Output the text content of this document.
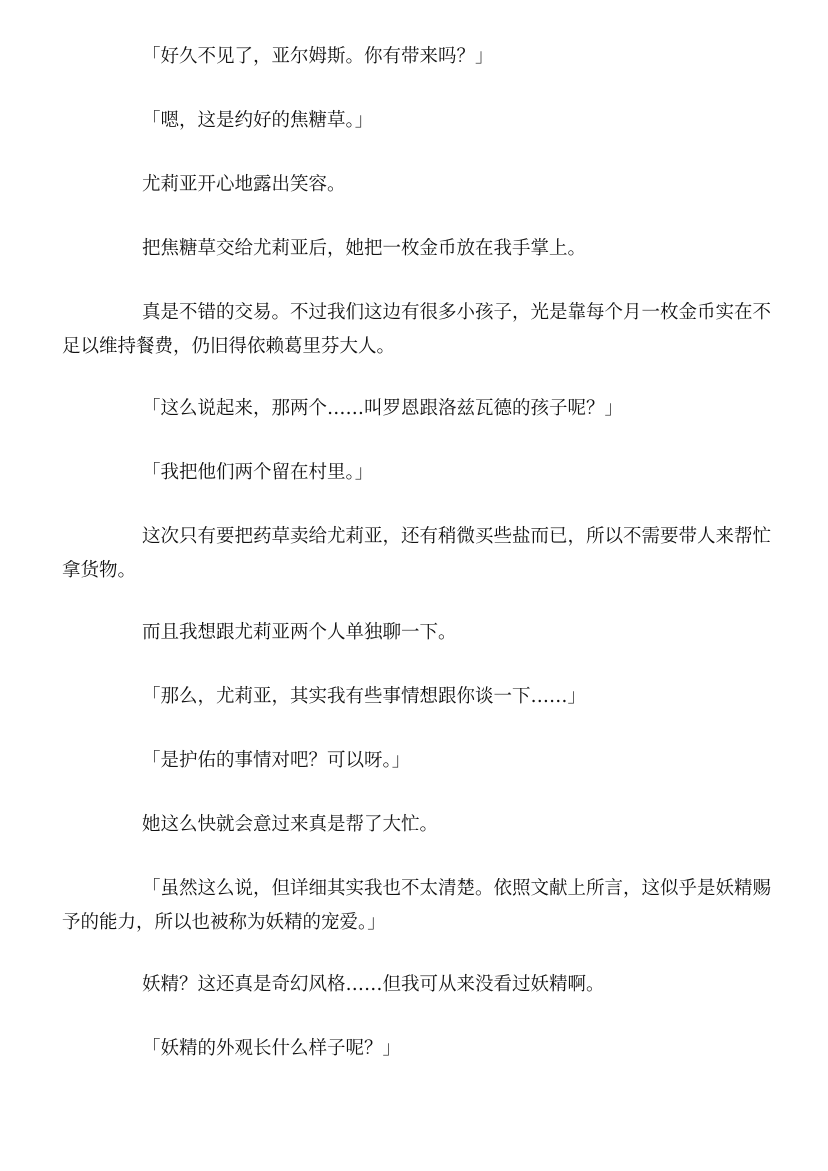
「好久不见了，亚尔姆斯。你有带来吗？」

「嗯，这是约好的焦糖草。」

尤莉亚开心地露出笑容。

把焦糖草交给尤莉亚后，她把一枚金币放在我手掌上。

真是不错的交易。不过我们这边有很多小孩子，光是靠每个月一枚金币实在不足以维持餐费，仍旧得依赖葛里芬大人。

「这么说起来，那两个……叫罗恩跟洛兹瓦德的孩子呢？」

「我把他们两个留在村里。」

这次只有要把药草卖给尤莉亚，还有稍微买些盐而已，所以不需要带人来帮忙拿货物。

而且我想跟尤莉亚两个人单独聊一下。

「那么，尤莉亚，其实我有些事情想跟你谈一下……」

「是护佑的事情对吧？可以呀。」

她这么快就会意过来真是帮了大忙。

「虽然这么说，但详细其实我也不太清楚。依照文献上所言，这似乎是妖精赐予的能力，所以也被称为妖精的宠爱。」

妖精？这还真是奇幻风格……但我可从来没看过妖精啊。

「妖精的外观长什么样子呢？」
